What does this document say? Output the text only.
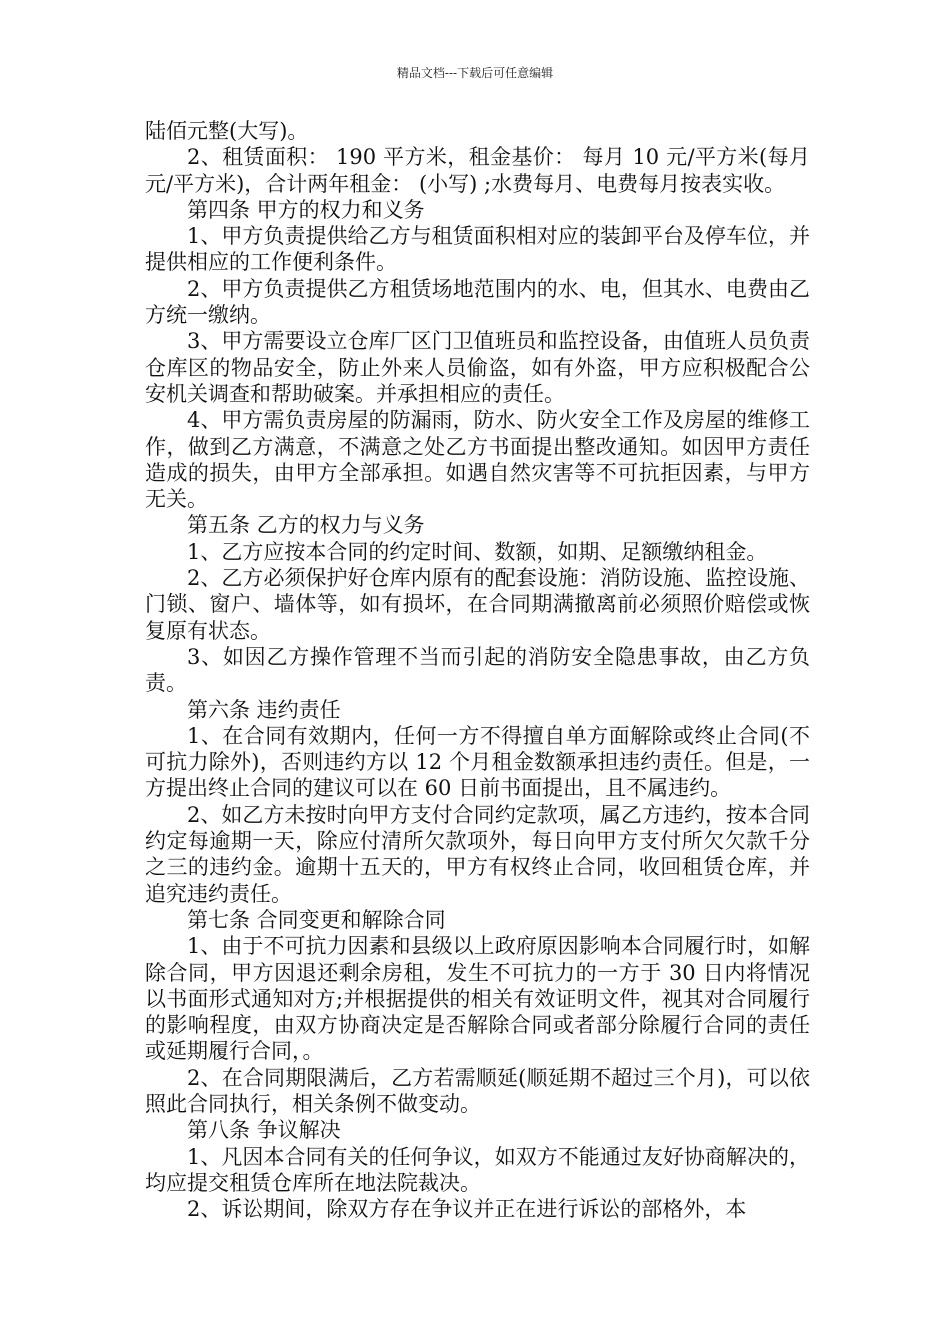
精品文档---下载后可任意编辑

陆佰元整(大写)。

2、租赁面积： 190 平方米，租金基价： 每月 10 元/平方米(每月 元/平方米)，合计两年租金： (小写) ;水费每月、电费每月按表实收。

第四条 甲方的权力和义务

1、甲方负责提供给乙方与租赁面积相对应的装卸平台及停车位，并提供相应的工作便利条件。

2、甲方负责提供乙方租赁场地范围内的水、电，但其水、电费由乙方统一缴纳。

3、甲方需要设立仓库厂区门卫值班员和监控设备，由值班人员负责仓库区的物品安全，防止外来人员偷盗，如有外盗，甲方应积极配合公安机关调查和帮助破案。并承担相应的责任。

4、甲方需负责房屋的防漏雨，防水、防火安全工作及房屋的维修工作，做到乙方满意，不满意之处乙方书面提出整改通知。如因甲方责任造成的损失，由甲方全部承担。如遇自然灾害等不可抗拒因素，与甲方无关。

第五条 乙方的权力与义务

1、乙方应按本合同的约定时间、数额，如期、足额缴纳租金。

2、乙方必须保护好仓库内原有的配套设施：消防设施、监控设施、门锁、窗户、墙体等，如有损坏，在合同期满撤离前必须照价赔偿或恢复原有状态。

3、如因乙方操作管理不当而引起的消防安全隐患事故，由乙方负责。

第六条 违约责任

1、在合同有效期内，任何一方不得擅自单方面解除或终止合同(不可抗力除外)，否则违约方以 12 个月租金数额承担违约责任。但是，一方提出终止合同的建议可以在 60 日前书面提出，且不属违约。

2、如乙方未按时向甲方支付合同约定款项，属乙方违约，按本合同约定每逾期一天，除应付清所欠款项外，每日向甲方支付所欠欠款千分之三的违约金。逾期十五天的，甲方有权终止合同，收回租赁仓库，并追究违约责任。

第七条 合同变更和解除合同

1、由于不可抗力因素和县级以上政府原因影响本合同履行时，如解除合同，甲方因退还剩余房租，发生不可抗力的一方于 30 日内将情况以书面形式通知对方;并根据提供的相关有效证明文件，视其对合同履行的影响程度，由双方协商决定是否解除合同或者部分除履行合同的责任或延期履行合同，。

2、在合同期限满后，乙方若需顺延(顺延期不超过三个月)，可以依照此合同执行，相关条例不做变动。

第八条 争议解决

1、凡因本合同有关的任何争议，如双方不能通过友好协商解决的，均应提交租赁仓库所在地法院裁决。

2、诉讼期间，除双方存在争议并正在进行诉讼的部格外，本
